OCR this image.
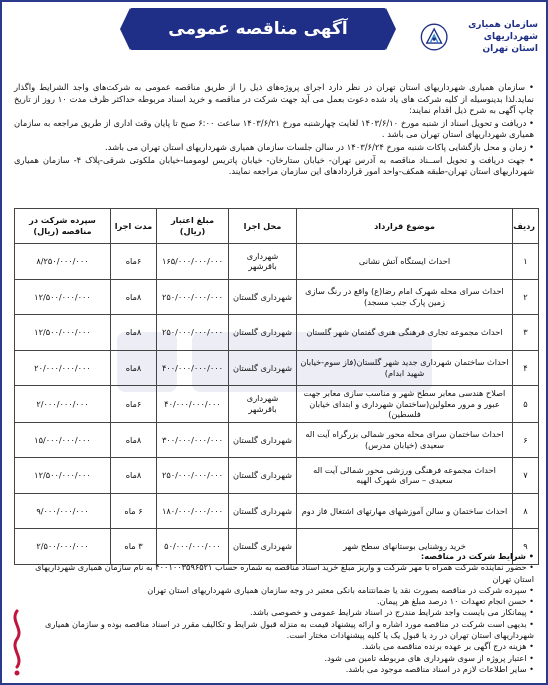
آگهی مناقصه عمومی	سازمان همیاری شهرداریهای
استان تهران

• سازمان همیاری شهرداریهای استان تهران در نظر دارد اجرای پروژه‌های ذیل را از طریق مناقصه عمومی به شرکت‌های واجد الشرایط واگذار نماید.لذا بدینوسیله از کلیه شرکت های یاد شده دعوت بعمل می آید جهت شرکت در مناقصه و خرید اسناد مربوطه حداکثر ظرف مدت ۱۰ روز از تاریخ چاپ آگهی به شرح ذیل اقدام نمایند:

• دریافت و تحویل اسناد از شنبه مورخ ۱۴۰۳/۶/۱۰ لغایت چهارشنبه مورخ ۱۴۰۳/۶/۲۱ ساعت ۶:۰۰ صبح تا پایان وقت اداری از طریق مراجعه به سازمان همیاری شهرداریهای استان تهران می باشد .

• زمان و محل بازگشایی پاکات شنبه مورخ ۱۴۰۳/۶/۲۴ در سالن جلسات سازمان همیاری شهرداریهای استان تهران می باشد.

• جهت دریافت و تحویل اســناد مناقصه به آدرس تهران- خیابان ستارخان- خیابان پاتریس لومومبا-خیابان ملکوتی شرقی-پلاک ۴- سازمان همیاری شهرداریهای استان تهران-طبقه همکف-واحد امور قراردادهای این سازمان مراجعه نمایند.

ردیف	موضوع قرارداد	محل اجرا	مبلغ اعتبار (ریال)	مدت اجرا	سپرده شرکت در مناقصه (ریال)
۱	احداث ایستگاه آتش نشانی	شهرداری باقرشهر	۱۶۵/۰۰۰/۰۰۰/۰۰۰	۶ماه	۸/۲۵۰/۰۰۰/۰۰۰
۲	احداث سرای محله شهرک امام رضا(ع) واقع در رنگ سازی زمین پارک جنب مسجد)	شهرداری گلستان	۲۵۰/۰۰۰/۰۰۰/۰۰۰	۸ماه	۱۲/۵۰۰/۰۰۰/۰۰۰
۳	احداث مجموعه تجاری فرهنگی هنری گفتمان شهر گلستان	شهرداری گلستان	۲۵۰/۰۰۰/۰۰۰/۰۰۰	۸ماه	۱۲/۵۰۰/۰۰۰/۰۰۰
۴	احداث ساختمان شهرداری جدید شهر گلستان(فاز سوم-خیابان شهید ابدام)	شهرداری گلستان	۴۰۰/۰۰۰/۰۰۰/۰۰۰	۸ماه	۲۰/۰۰۰/۰۰۰/۰۰۰
۵	اصلاح هندسی معابر سطح شهر و مناسب سازی معابر جهت عبور و مرور معلولین(ساختمان شهرداری و ابتدای خیابان فلسطین)	شهرداری باقرشهر	۴۰/۰۰۰/۰۰۰/۰۰۰	۶ماه	۲/۰۰۰/۰۰۰/۰۰۰
۶	احداث ساختمان سرای محله محور شمالی بزرگراه آیت اله سعیدی (خیابان مدرس)	شهرداری گلستان	۳۰۰/۰۰۰/۰۰۰/۰۰۰	۸ماه	۱۵/۰۰۰/۰۰۰/۰۰۰
۷	احداث مجموعه فرهنگی ورزشی محور شمالی آیت اله سعیدی – سرای شهرک الهیه	شهرداری گلستان	۲۵۰/۰۰۰/۰۰۰/۰۰۰	۸ماه	۱۲/۵۰۰/۰۰۰/۰۰۰
۸	احداث ساختمان و سالن آموزشهای مهارتهای اشتغال فاز دوم	شهرداری گلستان	۱۸۰/۰۰۰/۰۰۰/۰۰۰	۶ ماه	۹/۰۰۰/۰۰۰/۰۰۰
۹	خرید روشنایی بوستانهای سطح شهر	شهرداری گلستان	۵۰/۰۰۰/۰۰۰/۰۰۰	۳ ماه	۲/۵۰۰/۰۰۰/۰۰۰

• شرایط شرکت در مناقصه:

• حضور نماینده شرکت همراه با مهر شرکت و واریز مبلغ خرید اسناد مناقصه به شماره حساب ۴۰۰۱۰۰۳۵۹۶۵۲۱ به نام سازمان همیاری شهرداریهای استان تهران
• سپرده شرکت در مناقصه بصورت نقد یا ضمانتنامه بانکی معتبر در وجه سازمان همیاری شهرداریهای استان تهران
• حسن انجام تعهدات ۱۰ درصد مبلغ هر پیمان.
• پیمانکار می بایست واجد شرایط مندرج در اسناد شرایط عمومی و خصوصی باشد.
• بدیهی است شرکت در مناقصه مورد اشاره و ارائه پیشنهاد قیمت به منزله قبول شرایط و تکالیف مقرر در اسناد مناقصه بوده و سازمان همیاری شهرداریهای استان تهران در رد یا قبول یک یا کلیه پیشنهادات مختار است.
• هزینه درج آگهی بر عهده برنده مناقصه می باشد.
• اعتبار پروژه از سوی شهرداری های مربوطه تامین می شود.
• سایر اطلاعات لازم در اسناد مناقصه موجود می باشد.
